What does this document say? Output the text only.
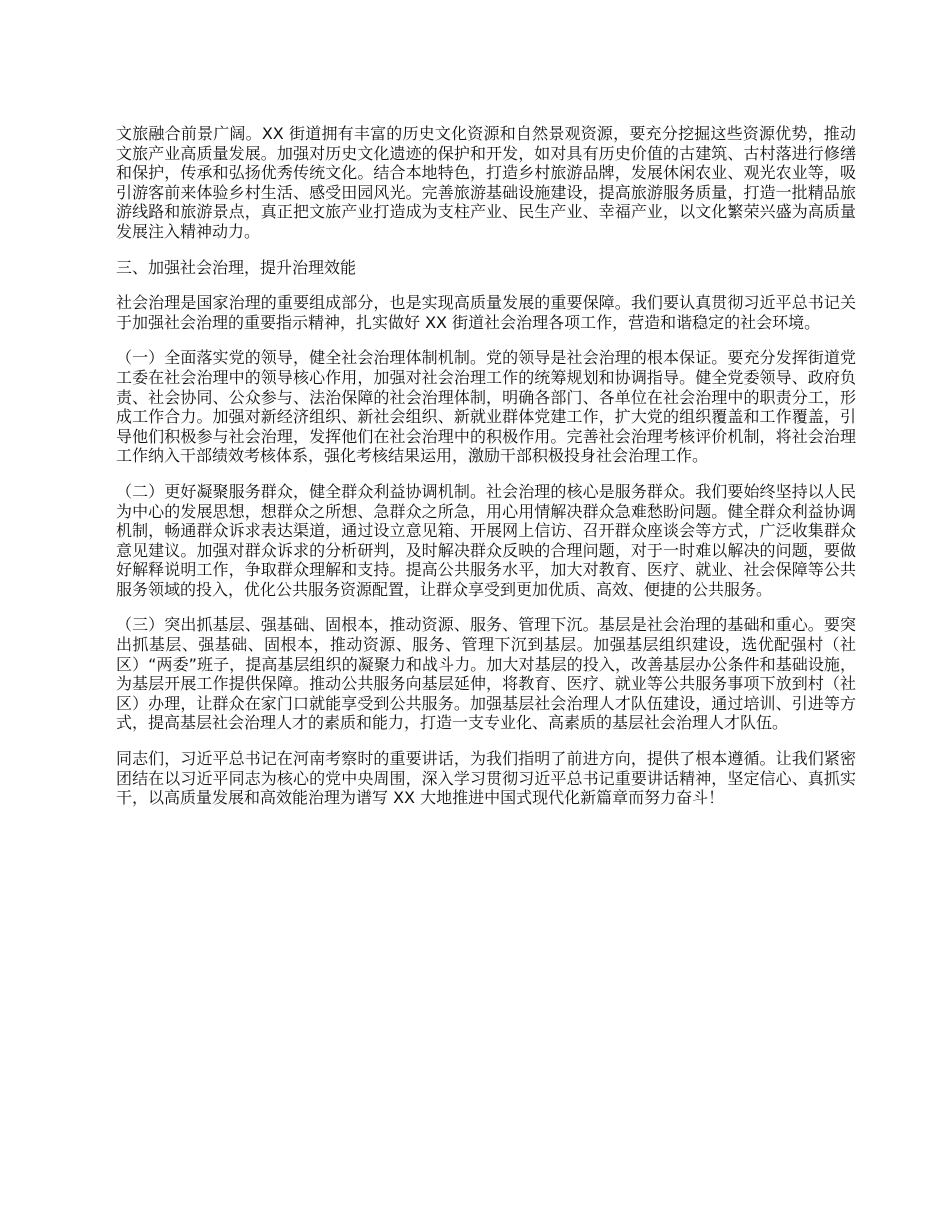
文旅融合前景广阔。XX 街道拥有丰富的历史文化资源和自然景观资源，要充分挖掘这些资源优势，推动文旅产业高质量发展。加强对历史文化遗迹的保护和开发，如对具有历史价值的古建筑、古村落进行修缮和保护，传承和弘扬优秀传统文化。结合本地特色，打造乡村旅游品牌，发展休闲农业、观光农业等，吸引游客前来体验乡村生活、感受田园风光。完善旅游基础设施建设，提高旅游服务质量，打造一批精品旅游线路和旅游景点，真正把文旅产业打造成为支柱产业、民生产业、幸福产业，以文化繁荣兴盛为高质量发展注入精神动力。

三、加强社会治理，提升治理效能

社会治理是国家治理的重要组成部分，也是实现高质量发展的重要保障。我们要认真贯彻习近平总书记关于加强社会治理的重要指示精神，扎实做好 XX 街道社会治理各项工作，营造和谐稳定的社会环境。

（一）全面落实党的领导，健全社会治理体制机制。党的领导是社会治理的根本保证。要充分发挥街道党工委在社会治理中的领导核心作用，加强对社会治理工作的统筹规划和协调指导。健全党委领导、政府负责、社会协同、公众参与、法治保障的社会治理体制，明确各部门、各单位在社会治理中的职责分工，形成工作合力。加强对新经济组织、新社会组织、新就业群体党建工作，扩大党的组织覆盖和工作覆盖，引导他们积极参与社会治理，发挥他们在社会治理中的积极作用。完善社会治理考核评价机制，将社会治理工作纳入干部绩效考核体系，强化考核结果运用，激励干部积极投身社会治理工作。

（二）更好凝聚服务群众，健全群众利益协调机制。社会治理的核心是服务群众。我们要始终坚持以人民为中心的发展思想，想群众之所想、急群众之所急，用心用情解决群众急难愁盼问题。健全群众利益协调机制，畅通群众诉求表达渠道，通过设立意见箱、开展网上信访、召开群众座谈会等方式，广泛收集群众意见建议。加强对群众诉求的分析研判，及时解决群众反映的合理问题，对于一时难以解决的问题，要做好解释说明工作，争取群众理解和支持。提高公共服务水平，加大对教育、医疗、就业、社会保障等公共服务领域的投入，优化公共服务资源配置，让群众享受到更加优质、高效、便捷的公共服务。

（三）突出抓基层、强基础、固根本，推动资源、服务、管理下沉。基层是社会治理的基础和重心。要突出抓基层、强基础、固根本，推动资源、服务、管理下沉到基层。加强基层组织建设，选优配强村（社区）“两委”班子，提高基层组织的凝聚力和战斗力。加大对基层的投入，改善基层办公条件和基础设施，为基层开展工作提供保障。推动公共服务向基层延伸，将教育、医疗、就业等公共服务事项下放到村（社区）办理，让群众在家门口就能享受到公共服务。加强基层社会治理人才队伍建设，通过培训、引进等方式，提高基层社会治理人才的素质和能力，打造一支专业化、高素质的基层社会治理人才队伍。

同志们，习近平总书记在河南考察时的重要讲话，为我们指明了前进方向，提供了根本遵循。让我们紧密团结在以习近平同志为核心的党中央周围，深入学习贯彻习近平总书记重要讲话精神，坚定信心、真抓实干，以高质量发展和高效能治理为谱写 XX 大地推进中国式现代化新篇章而努力奋斗！
